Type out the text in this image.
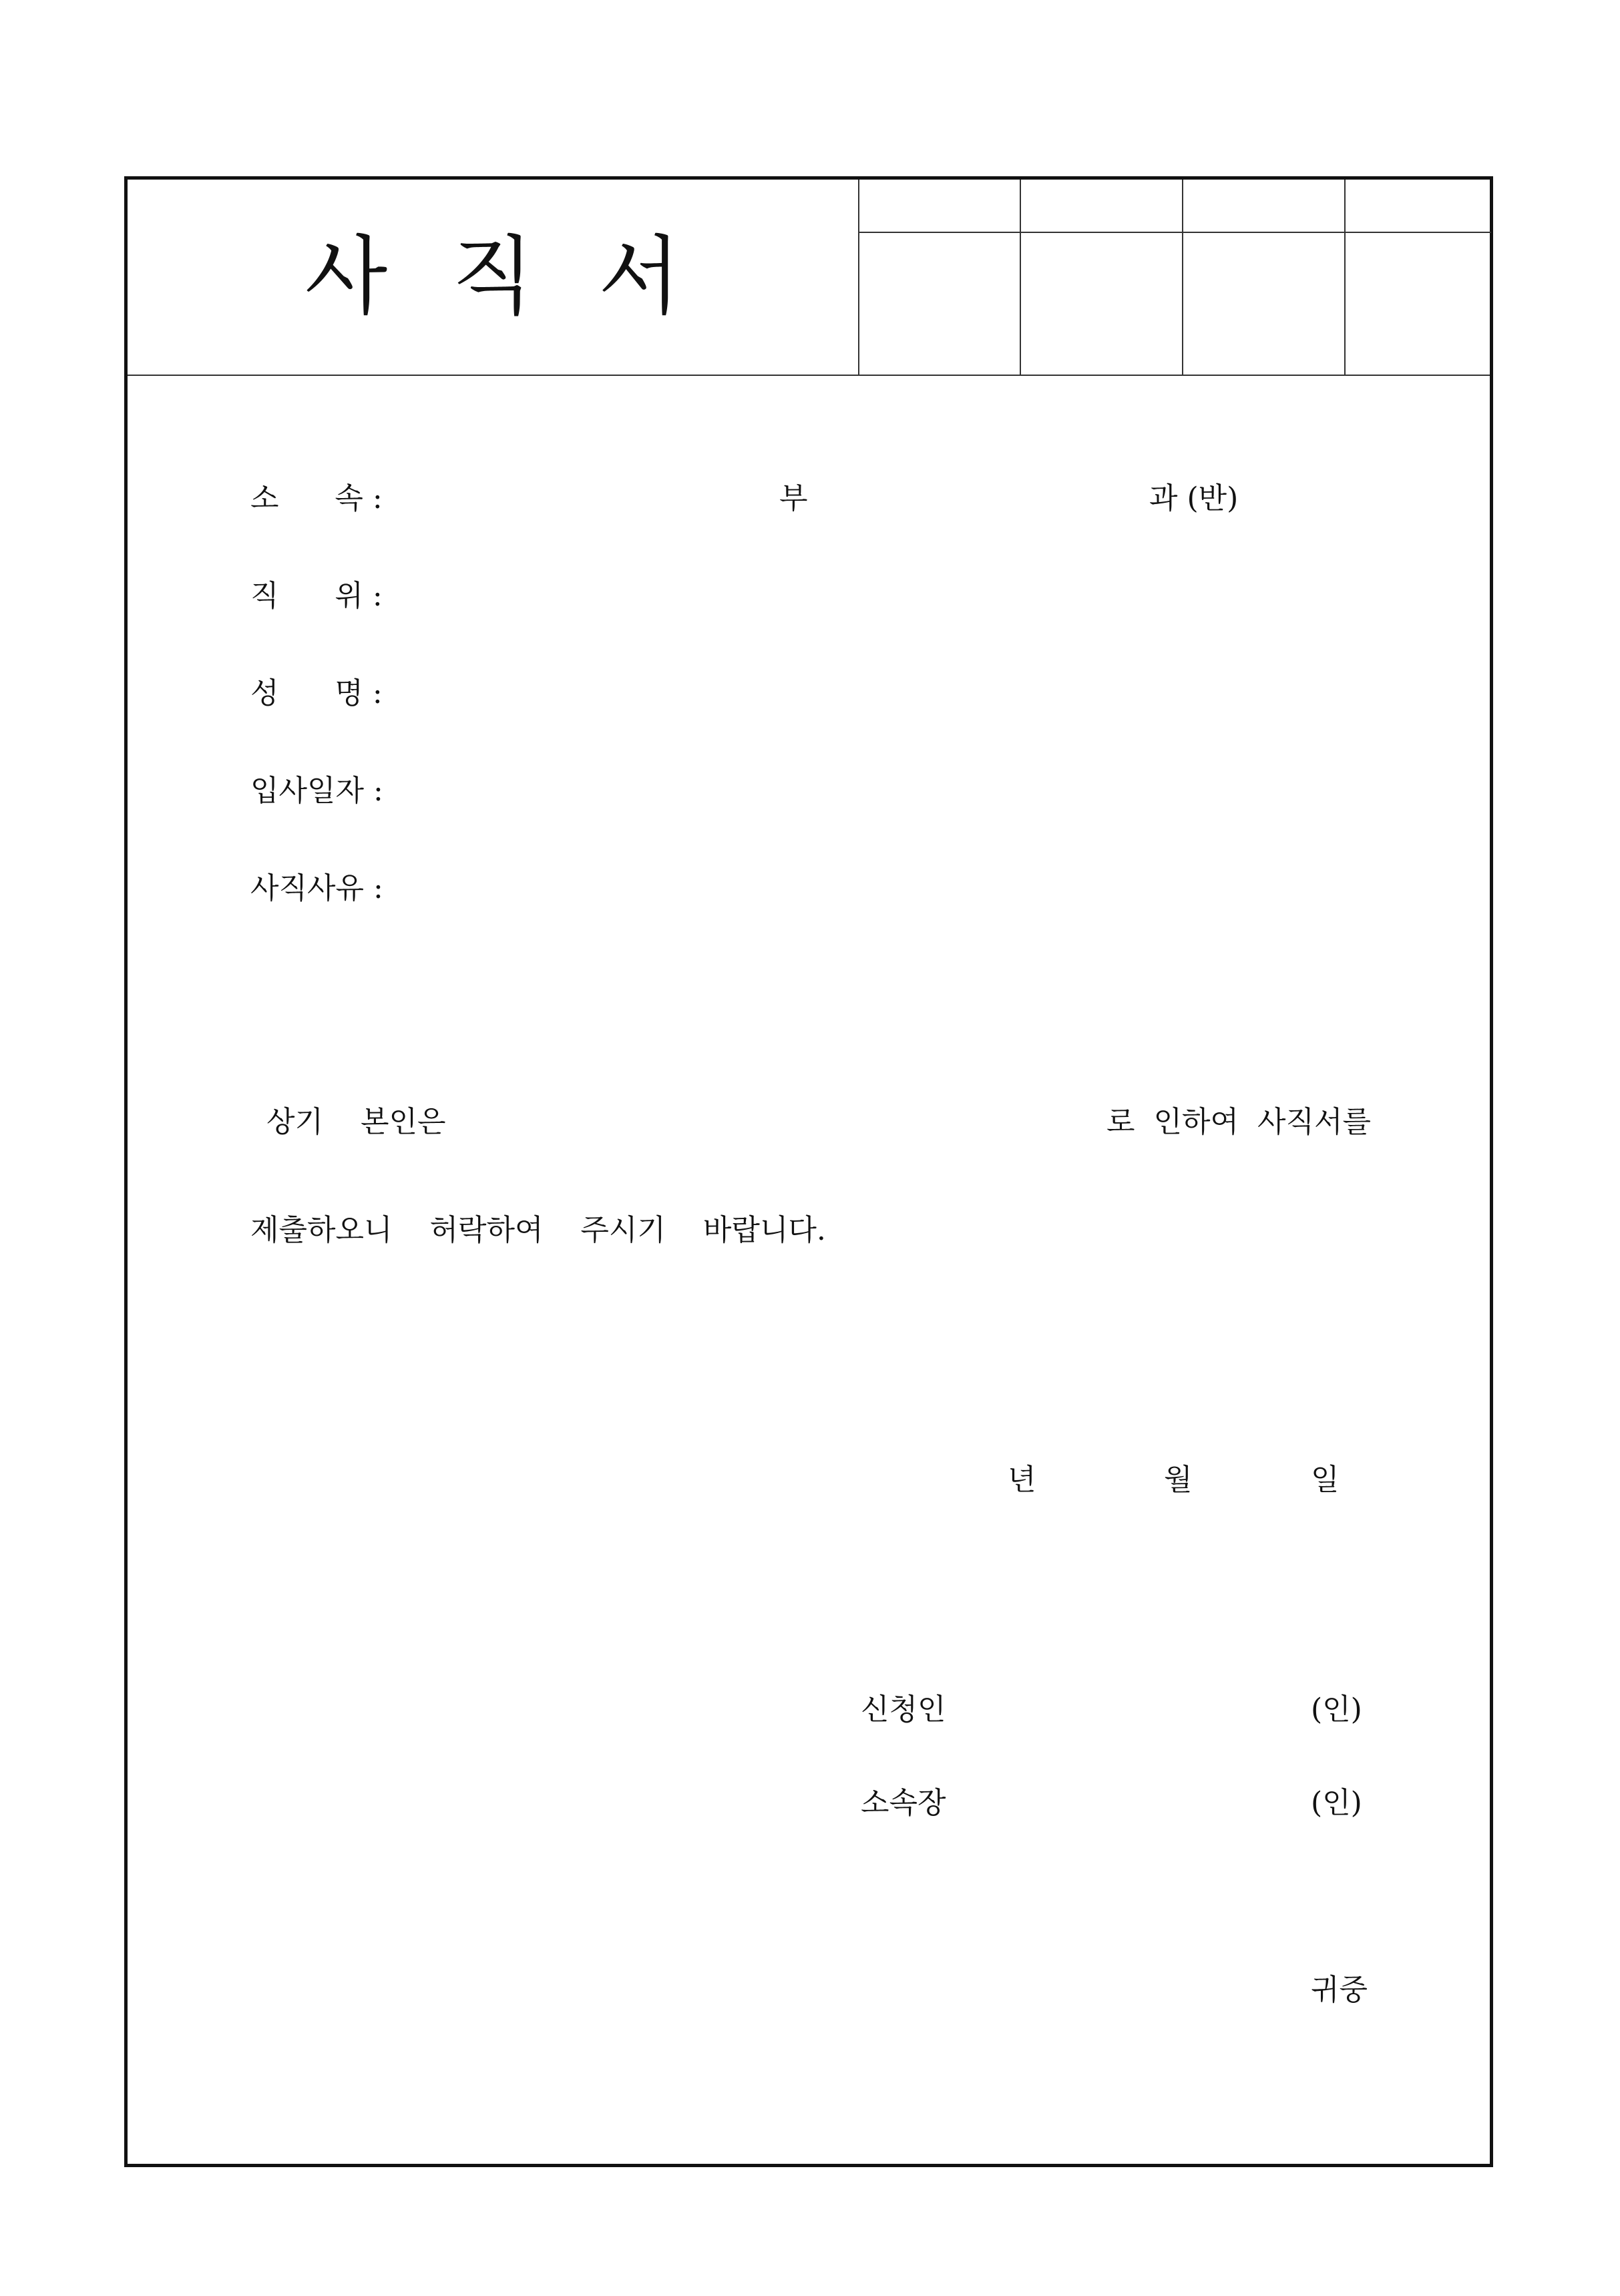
사 직 서
소      속 :	부	과 (반)
직      위 :
성      명 :
입사일자 :
사직사유 :
상기    본인은	로  인하여  사직서를
제출하오니    허락하여    주시기    바랍니다.
년	월	일
신청인	(인)
소속장	(인)
귀중
